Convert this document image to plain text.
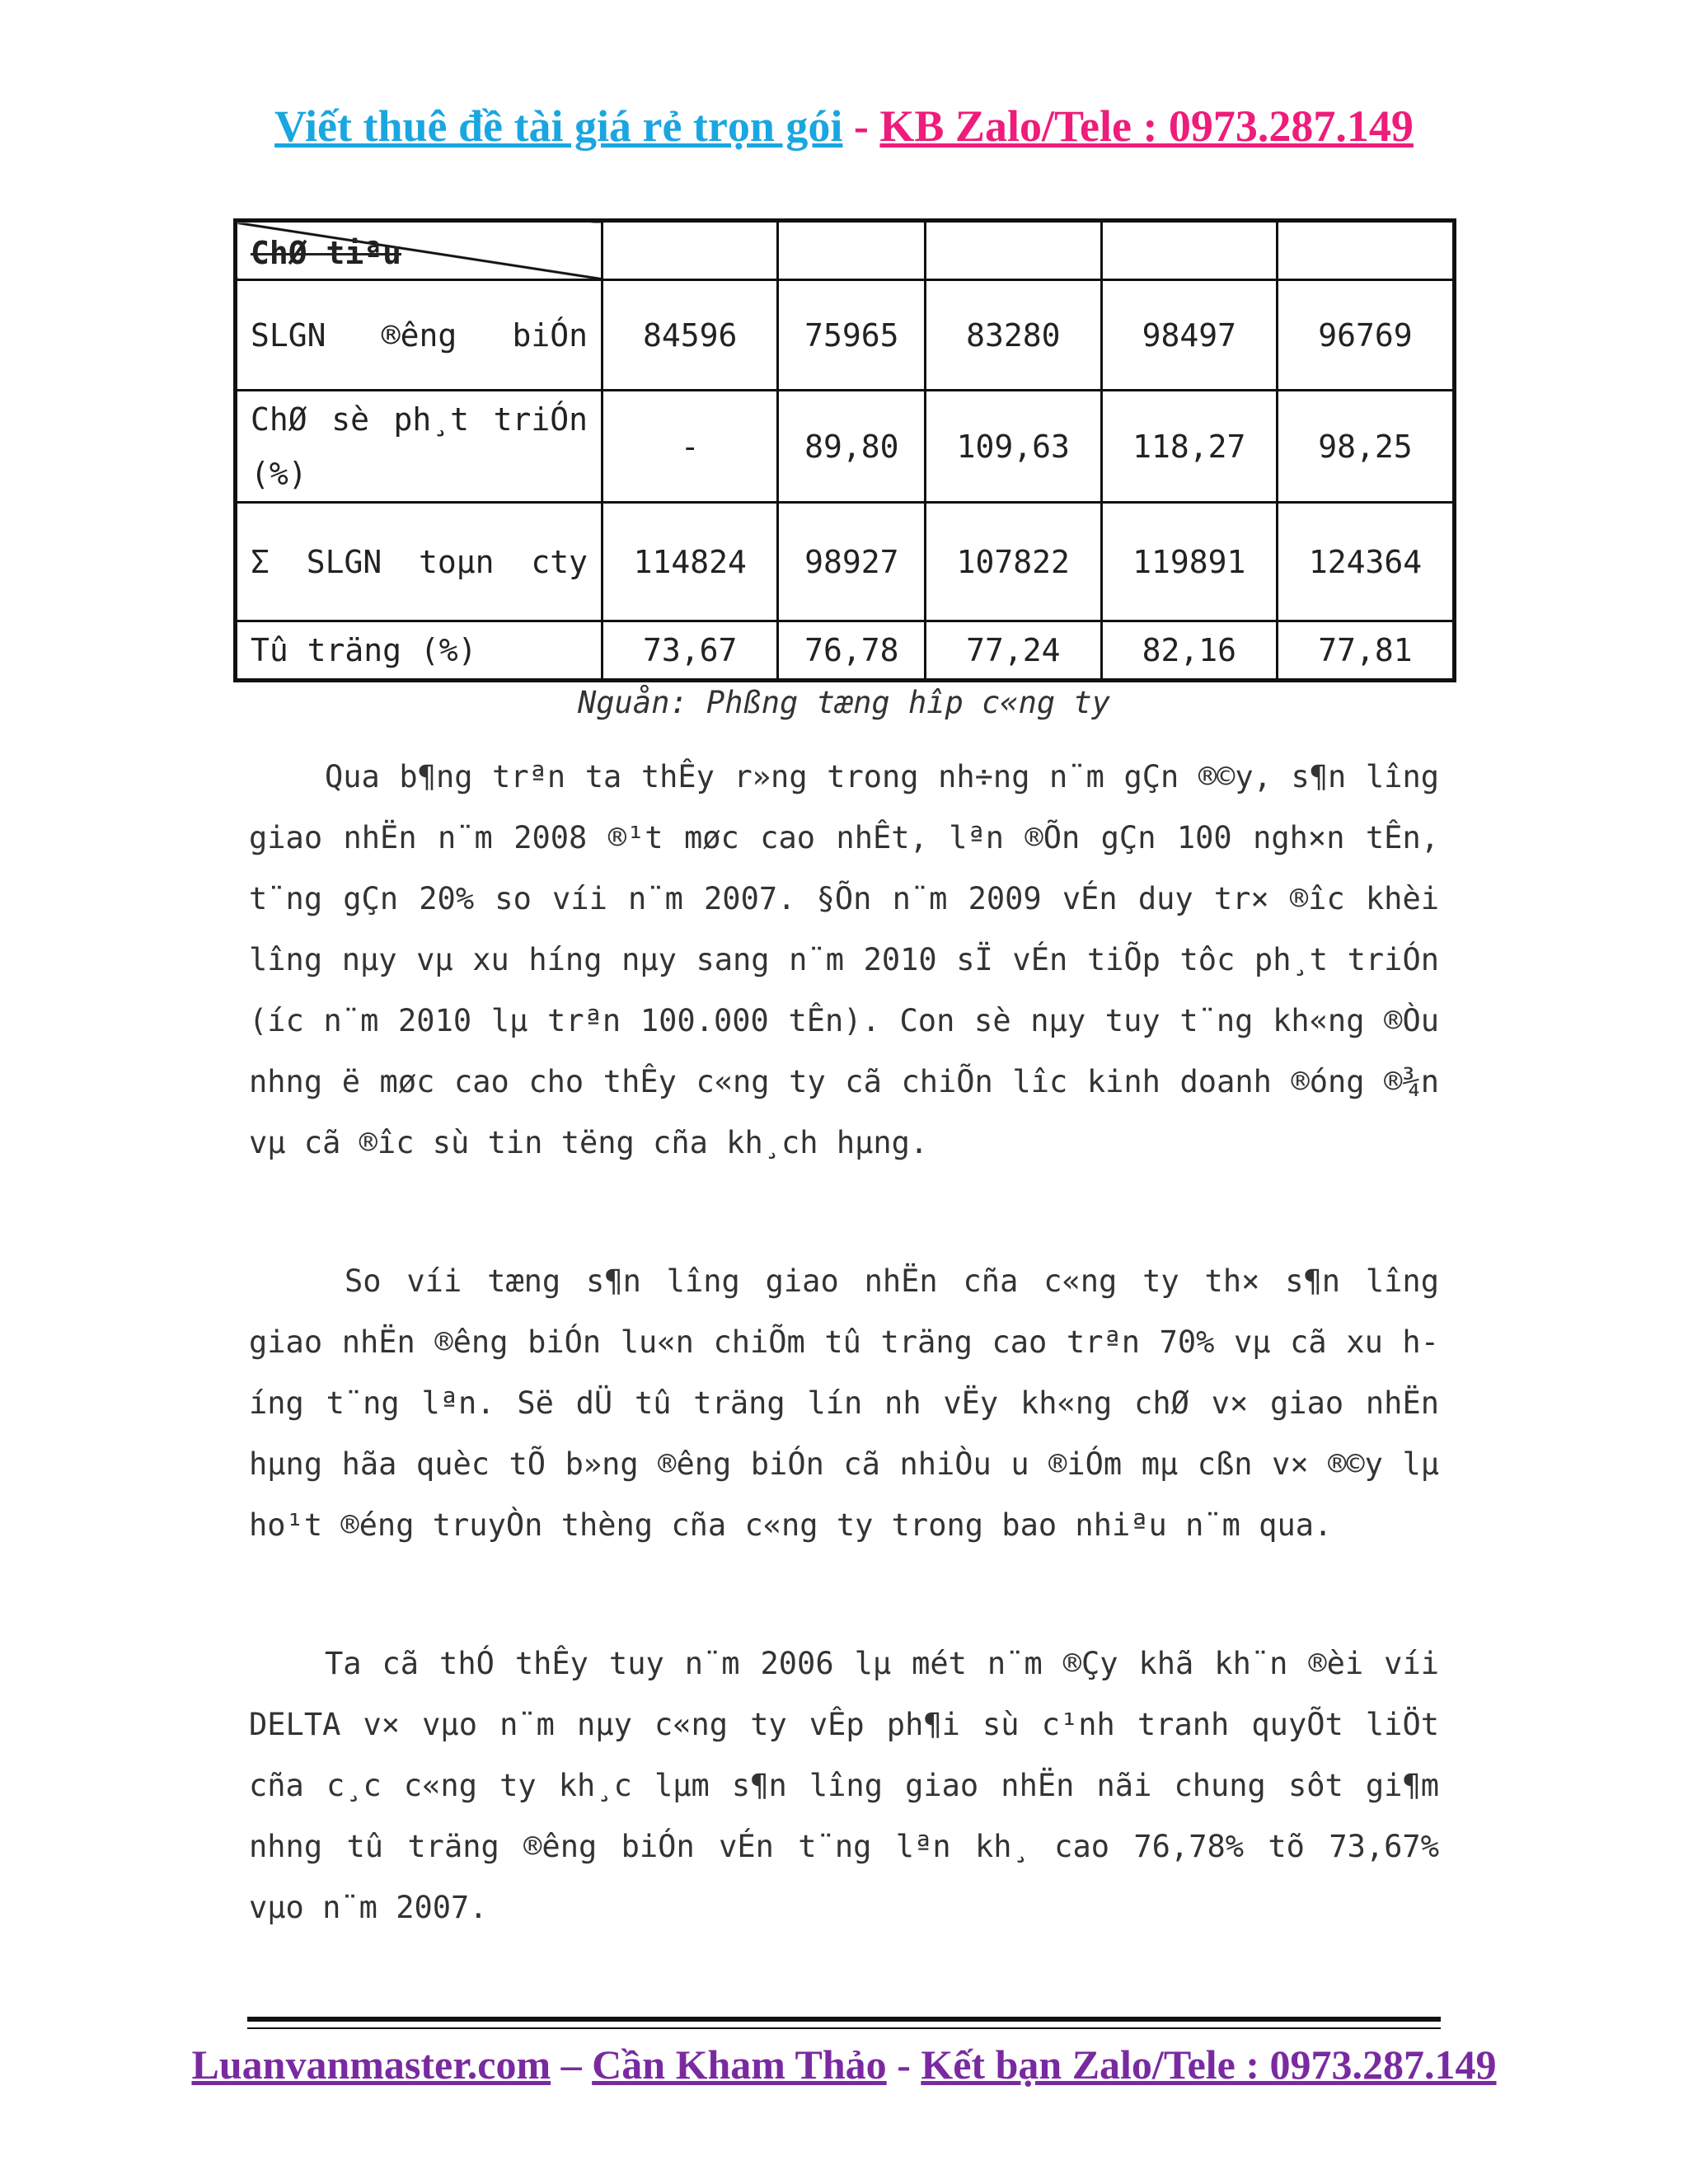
Viết thuê đề tài giá rẻ trọn gói - KB Zalo/Tele : 0973.287.149
ChØ tiªu					

SLGN ®êng biÓn	84596	75965	83280	98497	96769
ChØ sè ph¸t triÓn (%)	-	89,80	109,63	118,27	98,25
Σ SLGN toµn cty	114824	98927	107822	119891	124364
Tû träng (%)	73,67	76,78	77,24	82,16	77,81
Nguån: Phßng tæng hîp c«ng ty

Qua b¶ng trªn ta thÊy r»ng trong nh÷ng n¨m gÇn ®©y, s¶n lîng giao nhËn n¨m 2008 ®¹t møc cao nhÊt, lªn ®Õn gÇn 100 ngh×n tÊn, t¨ng gÇn 20% so víi n¨m 2007. §Õn n¨m 2009 vÉn duy tr× ®îc khèi lîng nµy vµ xu híng nµy sang n¨m 2010 sÏ vÉn tiÕp tôc ph¸t triÓn (íc n¨m 2010 lµ trªn 100.000 tÊn). Con sè nµy tuy t¨ng kh«ng ®Òu nhng ë møc cao cho thÊy c«ng ty cã chiÕn lîc kinh doanh ®óng ®¾n vµ cã ®îc sù tin tëng cña kh¸ch hµng.

So víi tæng s¶n lîng giao nhËn cña c«ng ty th× s¶n lîng giao nhËn ®êng biÓn lu«n chiÕm tû träng cao trªn 70% vµ cã xu híng t¨ng lªn. Së dÜ tû träng lín nh vËy kh«ng chØ v× giao nhËn hµng hãa quèc tÕ b»ng ®êng biÓn cã nhiÒu u ®iÓm mµ cßn v× ®©y lµ ho¹t ®éng truyÒn thèng cña c«ng ty trong bao nhiªu n¨m qua.

Ta cã thÓ thÊy tuy n¨m 2006 lµ mét n¨m ®Çy khã kh¨n ®èi víi DELTA v× vµo n¨m nµy c«ng ty vÊp ph¶i sù c¹nh tranh quyÕt liÖt cña c¸c c«ng ty kh¸c lµm s¶n lîng giao nhËn nãi chung sôt gi¶m nhng tû träng ®êng biÓn vÉn t¨ng lªn kh¸ cao 76,78% tõ 73,67% vµo n¨m 2007.

Luanvanmaster.com – Cần Kham Thảo - Kết bạn Zalo/Tele : 0973.287.149
